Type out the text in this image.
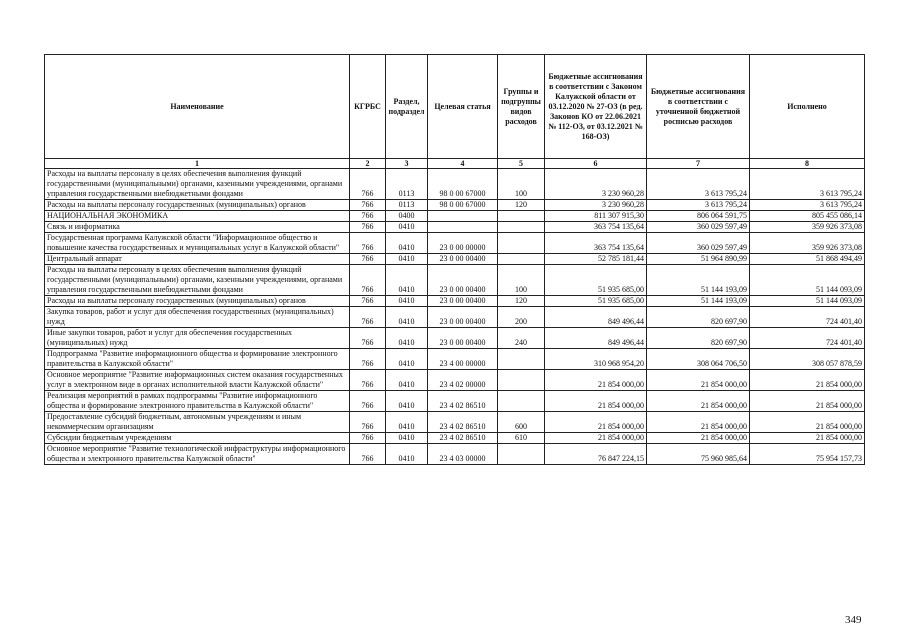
Наименование	КГРБС	Раздел, подраздел	Целевая статья	Группы и подгруппы видов расходов	Бюджетные ассигнования в соответствии с Законом Калужской области от 03.12.2020 № 27-ОЗ (в ред. Законов КО от 22.06.2021 № 112-ОЗ, от 03.12.2021 № 168-ОЗ)	Бюджетные ассигнования в соответствии с уточненной бюджетной росписью расходов	Исполнено
1	2	3	4	5	6	7	8
Расходы на выплаты персоналу в целях обеспечения выполнения функций государственными (муниципальными) органами, казенными учреждениями, органами управления государственными внебюджетными фондами	766	0113	98 0 00 67000	100	3 230 960,28	3 613 795,24	3 613 795,24
Расходы на выплаты персоналу государственных (муниципальных) органов	766	0113	98 0 00 67000	120	3 230 960,28	3 613 795,24	3 613 795,24
НАЦИОНАЛЬНАЯ ЭКОНОМИКА	766	0400			811 307 915,30	806 064 591,75	805 455 086,14
Связь и информатика	766	0410			363 754 135,64	360 029 597,49	359 926 373,08
Государственная программа Калужской области "Информационное общество и повышение качества государственных и муниципальных услуг в Калужской области"	766	0410	23 0 00 00000		363 754 135,64	360 029 597,49	359 926 373,08
Центральный аппарат	766	0410	23 0 00 00400		52 785 181,44	51 964 890,99	51 868 494,49
Расходы на выплаты персоналу в целях обеспечения выполнения функций государственными (муниципальными) органами, казенными учреждениями, органами управления государственными внебюджетными фондами	766	0410	23 0 00 00400	100	51 935 685,00	51 144 193,09	51 144 093,09
Расходы на выплаты персоналу государственных (муниципальных) органов	766	0410	23 0 00 00400	120	51 935 685,00	51 144 193,09	51 144 093,09
Закупка товаров, работ и услуг для обеспечения государственных (муниципальных) нужд	766	0410	23 0 00 00400	200	849 496,44	820 697,90	724 401,40
Иные закупки товаров, работ и услуг для обеспечения государственных (муниципальных) нужд	766	0410	23 0 00 00400	240	849 496,44	820 697,90	724 401,40
Подпрограмма "Развитие информационного общества и формирование электронного правительства в Калужской области"	766	0410	23 4 00 00000		310 968 954,20	308 064 706,50	308 057 878,59
Основное мероприятие "Развитие информационных систем оказания государственных услуг в электронном виде в органах исполнительной власти Калужской области"	766	0410	23 4 02 00000		21 854 000,00	21 854 000,00	21 854 000,00
Реализация мероприятий в рамках подпрограммы "Развитие информационного общества и формирование электронного правительства в Калужской области"	766	0410	23 4 02 86510		21 854 000,00	21 854 000,00	21 854 000,00
Предоставление субсидий бюджетным, автономным учреждениям и иным некоммерческим организациям	766	0410	23 4 02 86510	600	21 854 000,00	21 854 000,00	21 854 000,00
Субсидии бюджетным учреждениям	766	0410	23 4 02 86510	610	21 854 000,00	21 854 000,00	21 854 000,00
Основное мероприятие "Развитие технологической инфраструктуры информационного общества и электронного правительства Калужской области"	766	0410	23 4 03 00000		76 847 224,15	75 960 985,64	75 954 157,73
349
